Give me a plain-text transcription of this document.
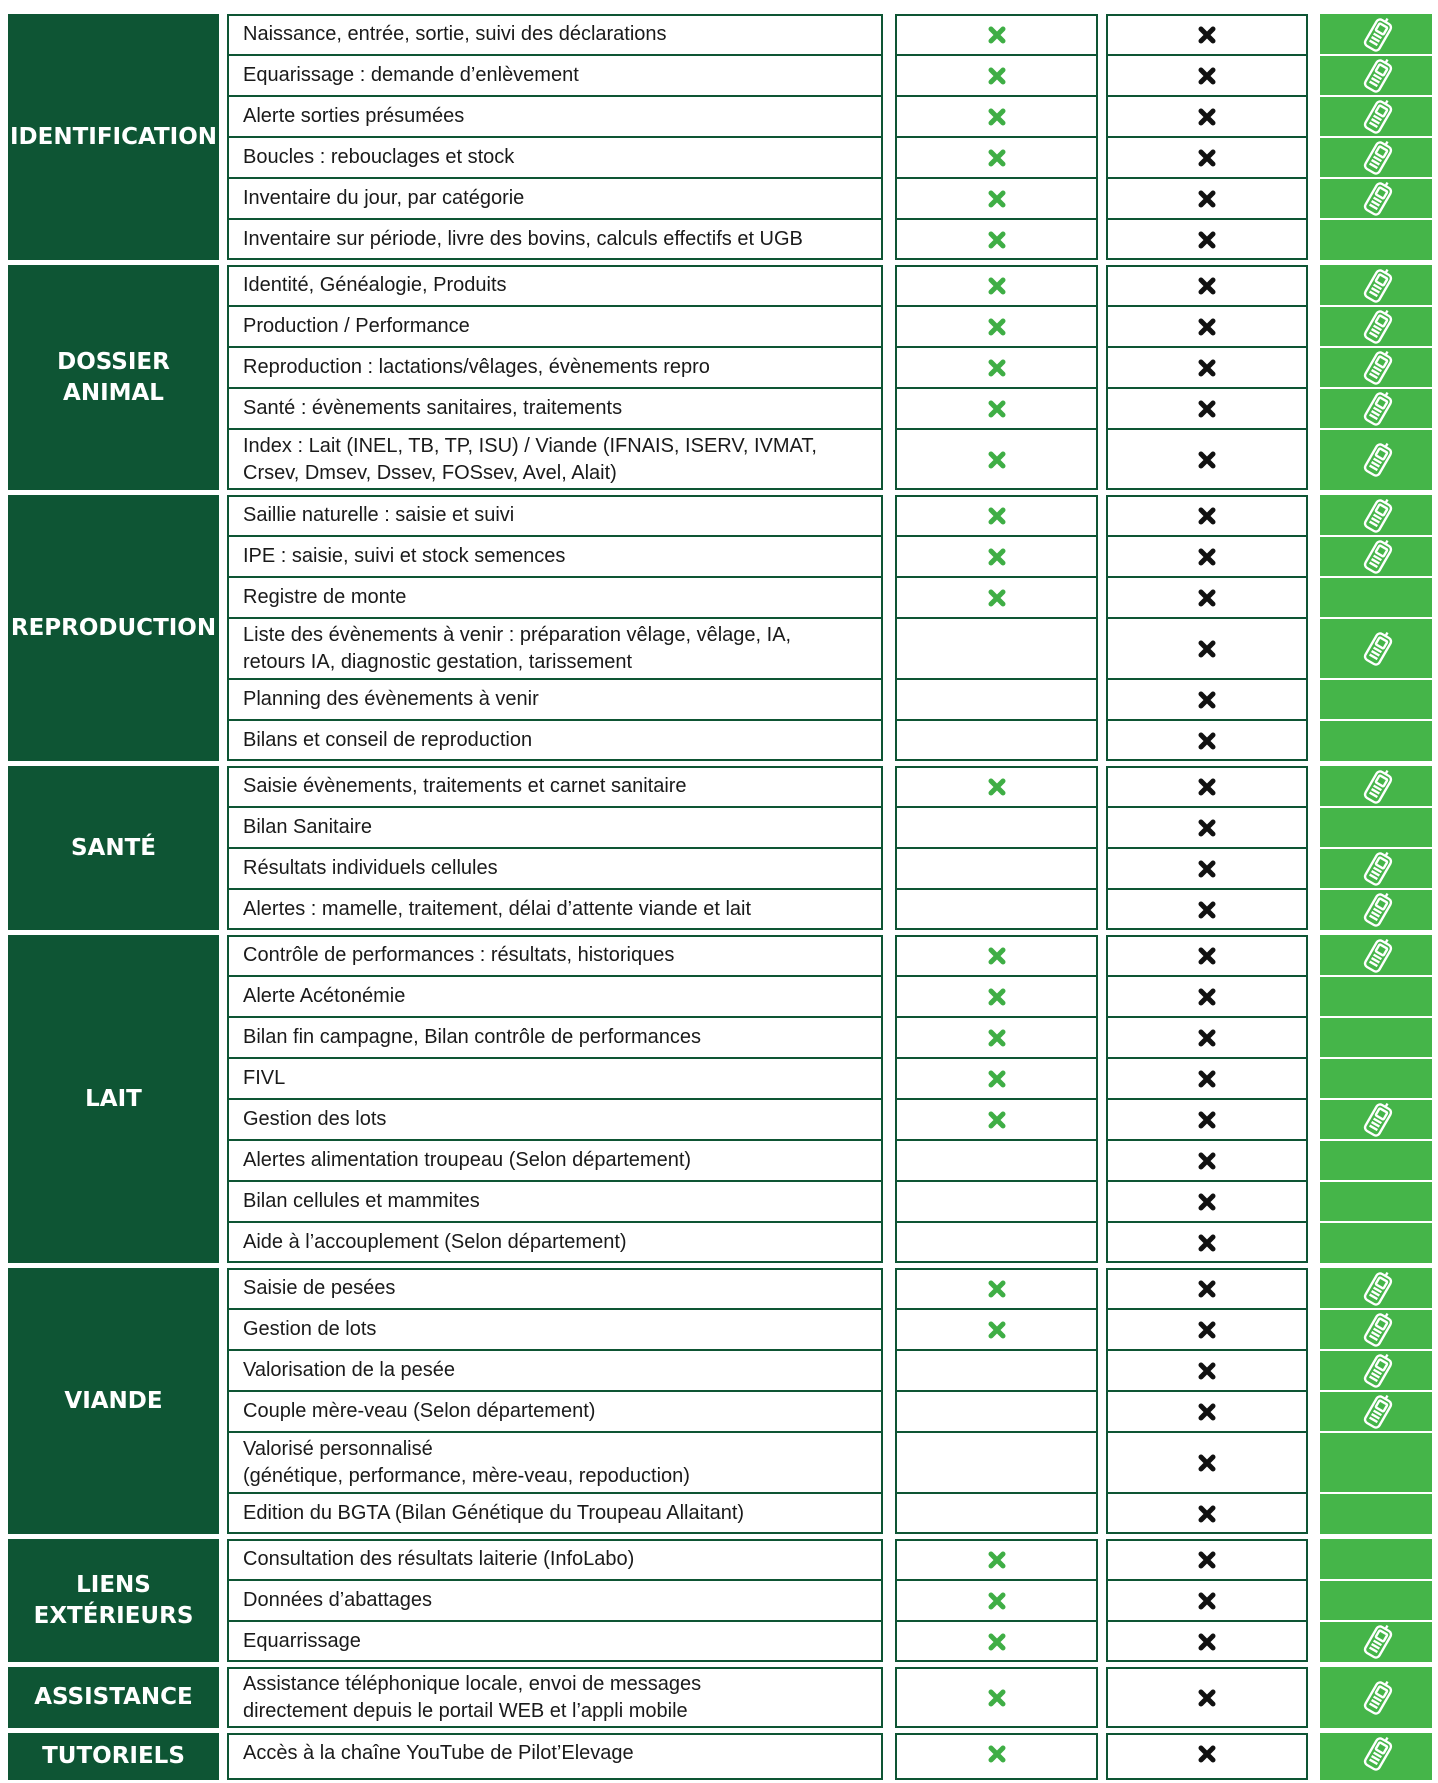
IDENTIFICATION
DOSSIER
ANIMAL
REPRODUCTION
SANTÉ
LAIT
VIANDE
LIENS
EXTÉRIEURS
ASSISTANCE
TUTORIELS
Naissance, entrée, sortie, suivi des déclarations
Equarissage : demande d’enlèvement
Alerte sorties présumées
Boucles : rebouclages et stock
Inventaire du jour, par catégorie
Inventaire sur période, livre des bovins, calculs effectifs et UGB
Identité, Généalogie, Produits
Production / Performance
Reproduction : lactations/vêlages, évènements repro
Santé : évènements sanitaires, traitements
Index : Lait (INEL, TB, TP, ISU) / Viande (IFNAIS, ISERV, IVMAT,
Crsev, Dmsev, Dssev, FOSsev, Avel, Alait)
Saillie naturelle : saisie et suivi
IPE : saisie, suivi et stock semences
Registre de monte
Liste des évènements à venir : préparation vêlage, vêlage, IA,
retours IA, diagnostic gestation, tarissement
Planning des évènements à venir
Bilans et conseil de reproduction
Saisie évènements, traitements et carnet sanitaire
Bilan Sanitaire
Résultats individuels cellules
Alertes : mamelle, traitement, délai d’attente viande et lait
Contrôle de performances : résultats, historiques
Alerte Acétonémie
Bilan fin campagne, Bilan contrôle de performances
FIVL
Gestion des lots
Alertes alimentation troupeau (Selon département)
Bilan cellules et mammites
Aide à l’accouplement (Selon département)
Saisie de pesées
Gestion de lots
Valorisation de la pesée
Couple mère-veau (Selon département)
Valorisé personnalisé
(génétique, performance, mère-veau, repoduction)
Edition du BGTA (Bilan Génétique du Troupeau Allaitant)
Consultation des résultats laiterie (InfoLabo)
Données d’abattages
Equarrissage
Assistance téléphonique locale, envoi de messages
directement depuis le portail WEB et l’appli mobile
Accès à la chaîne YouTube de Pilot’Elevage
